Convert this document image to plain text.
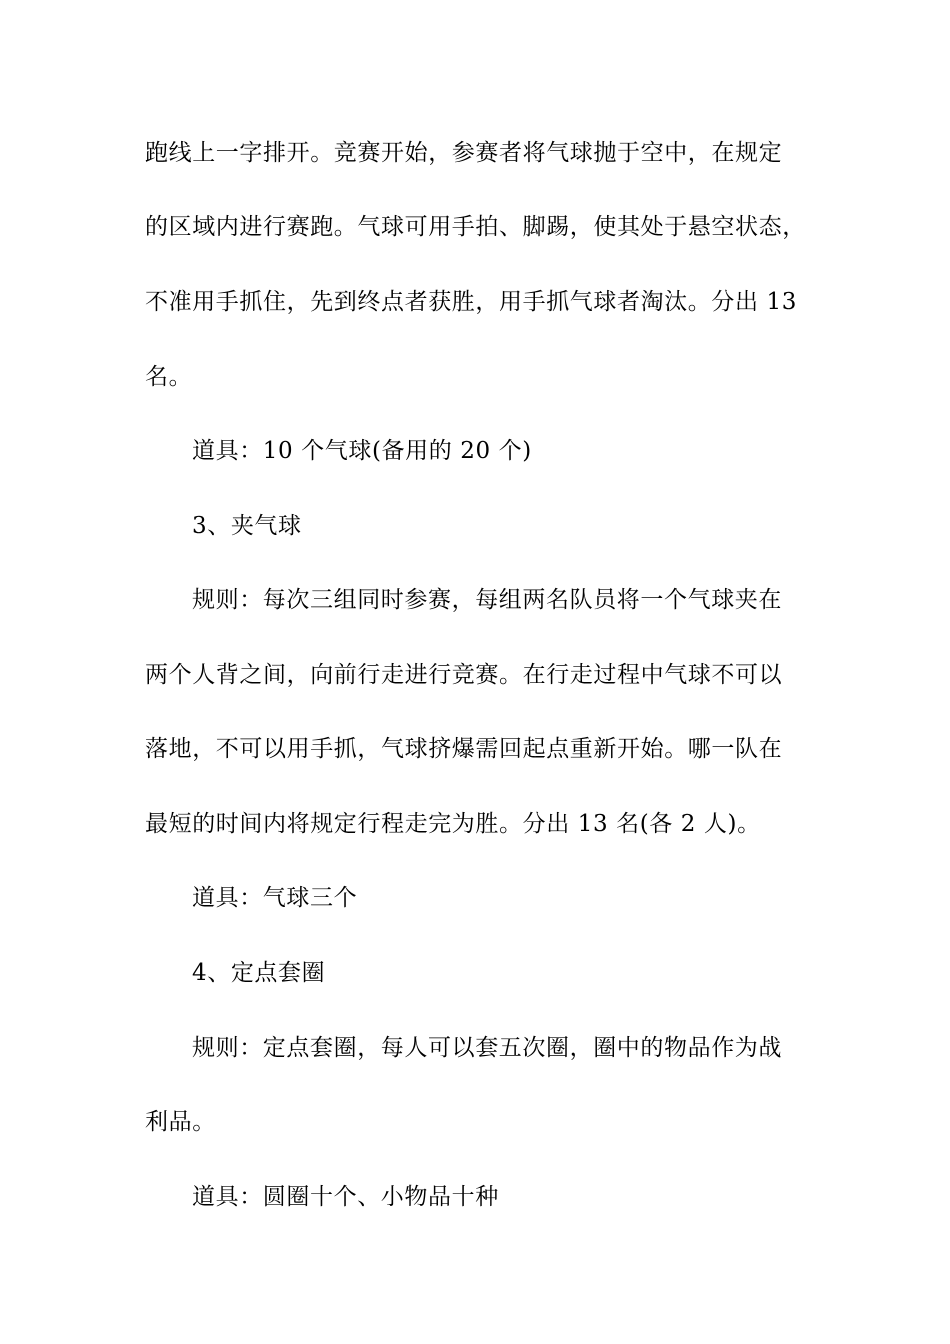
跑线上一字排开。竞赛开始，参赛者将气球抛于空中，在规定
的区域内进行赛跑。气球可用手拍、脚踢，使其处于悬空状态，
不准用手抓住，先到终点者获胜，用手抓气球者淘汰。分出 13
名。
道具：10 个气球(备用的 20 个)
3、夹气球
规则：每次三组同时参赛，每组两名队员将一个气球夹在
两个人背之间，向前行走进行竞赛。在行走过程中气球不可以
落地，不可以用手抓，气球挤爆需回起点重新开始。哪一队在
最短的时间内将规定行程走完为胜。分出 13 名(各 2 人)。
道具：气球三个
4、定点套圈
规则：定点套圈，每人可以套五次圈，圈中的物品作为战
利品。
道具：圆圈十个、小物品十种
